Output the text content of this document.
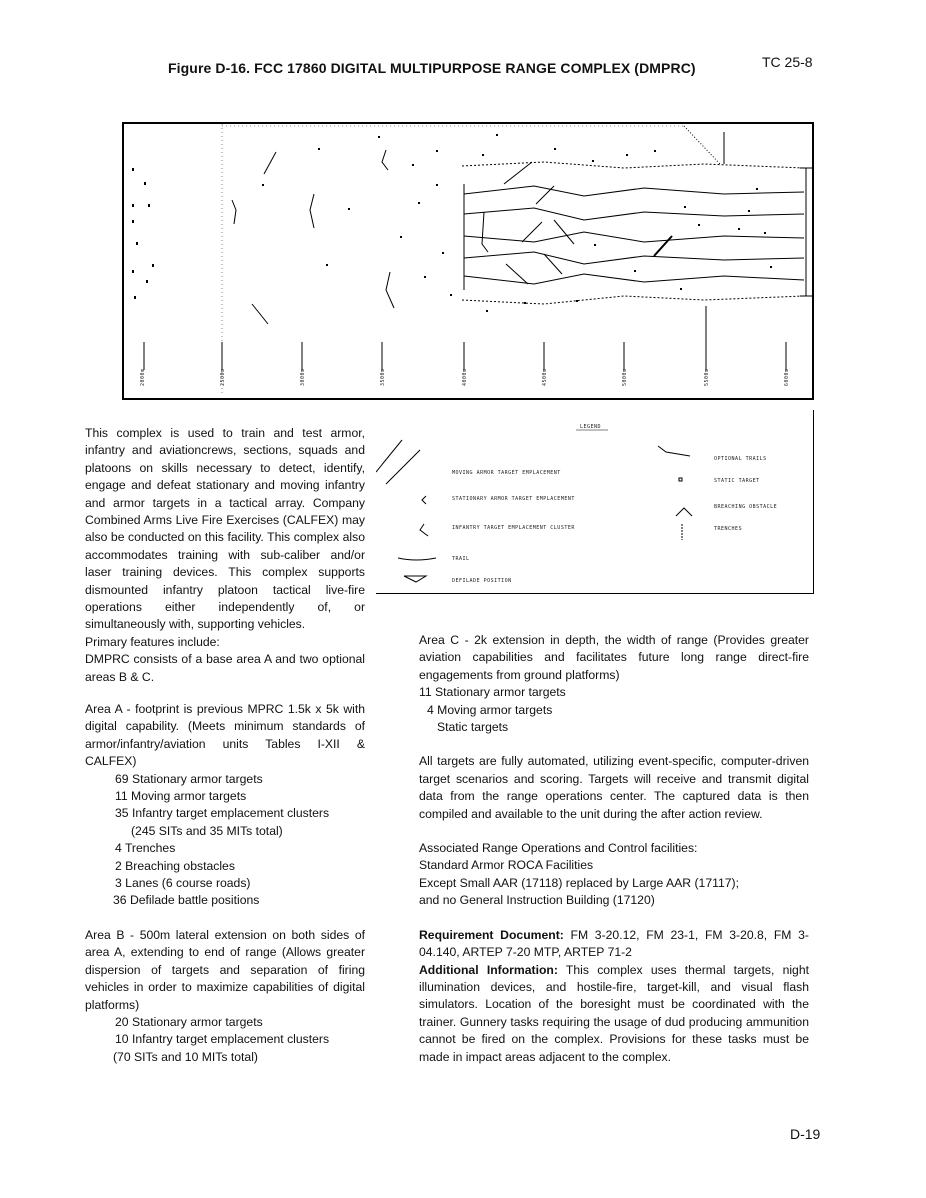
Figure D-16. FCC 17860 DIGITAL MULTIPURPOSE RANGE COMPLEX (DMPRC)	TC 25-8
2000m	2500m	3000m	3500m	4000m	4500m	5000m	5500m	6000m
LEGEND
MOVING ARMOR TARGET EMPLACEMENT
STATIONARY ARMOR TARGET EMPLACEMENT
INFANTRY TARGET EMPLACEMENT CLUSTER
TRAIL
DEFILADE POSITION
OPTIONAL TRAILS
STATIC TARGET
BREACHING OBSTACLE
TRENCHES

This complex is used to train and test armor, infantry and aviationcrews, sections, squads and platoons on skills necessary to detect, identify, engage and defeat stationary and moving infantry and armor targets in a tactical array. Company Combined Arms Live Fire Exercises (CALFEX) may also be conducted on this facility. This complex also accommodates training with sub-caliber and/or laser training devices. This complex supports dismounted infantry platoon tactical live-fire operations either independently of, or simultaneously with, supporting vehicles.

Primary features include:

DMPRC consists of a base area A and two optional areas B & C.

Area A - footprint is previous MPRC 1.5k x 5k with digital capability. (Meets minimum standards of armor/infantry/aviation units Tables I-XII & CALFEX)

69 Stationary armor targets

11 Moving armor targets

35 Infantry target emplacement clusters

(245 SITs and 35 MITs total)

4 Trenches

2 Breaching obstacles

3 Lanes (6 course roads)

36 Defilade battle positions

Area B - 500m lateral extension on both sides of area A, extending to end of range (Allows greater dispersion of targets and separation of firing vehicles in order to maximize capabilities of digital platforms)

20 Stationary armor targets

10 Infantry target emplacement clusters

(70 SITs and 10 MITs total)

Area C - 2k extension in depth, the width of range (Provides greater aviation capabilities and facilitates future long range direct-fire engagements from ground platforms)

11 Stationary armor targets

4 Moving armor targets

Static targets

All targets are fully automated, utilizing event-specific, computer-driven target scenarios and scoring. Targets will receive and transmit digital data from the range operations center. The captured data is then compiled and available to the unit during the after action review.

Associated Range Operations and Control facilities:

Standard Armor ROCA Facilities

Except Small AAR (17118) replaced by Large AAR (17117);

and no General Instruction Building (17120)

Requirement Document: FM 3-20.12, FM 23-1, FM 3-20.8, FM 3-04.140, ARTEP 7-20 MTP, ARTEP 71-2

Additional Information: This complex uses thermal targets, night illumination devices, and hostile-fire, target-kill, and visual flash simulators. Location of the boresight must be coordinated with the trainer. Gunnery tasks requiring the usage of dud producing ammunition cannot be fired on the complex. Provisions for these tasks must be made in impact areas adjacent to the complex.

D-19
